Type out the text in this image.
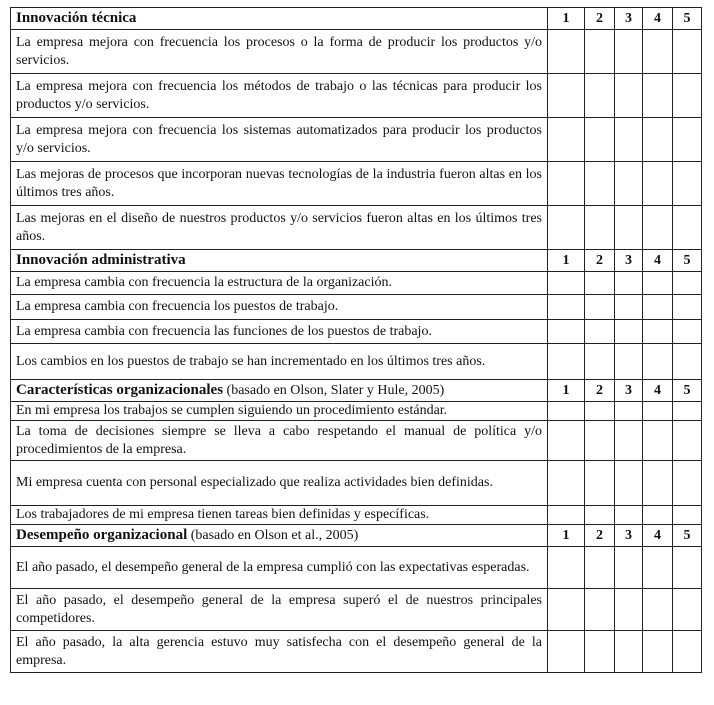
Innovación técnica	1	2	3	4	5
La empresa mejora con frecuencia los procesos o la forma de producir los productos y/o servicios.					
La empresa mejora con frecuencia los métodos de trabajo o las técnicas para producir los productos y/o servicios.					
La empresa mejora con frecuencia los sistemas automatizados para producir los productos y/o servicios.					
Las mejoras de procesos que incorporan nuevas tecnologías de la industria fueron altas en los últimos tres años.					
Las mejoras en el diseño de nuestros productos y/o servicios fueron altas en los últimos tres años.					
Innovación administrativa	1	2	3	4	5
La empresa cambia con frecuencia la estructura de la organización.					
La empresa cambia con frecuencia los puestos de trabajo.					
La empresa cambia con frecuencia las funciones de los puestos de trabajo.					
Los cambios en los puestos de trabajo se han incrementado en los últimos tres años.					
Características organizacionales (basado en Olson, Slater y Hule, 2005)	1	2	3	4	5
En mi empresa los trabajos se cumplen siguiendo un procedimiento estándar.					
La toma de decisiones siempre se lleva a cabo respetando el manual de política y/o procedimientos de la empresa.					
Mi empresa cuenta con personal especializado que realiza actividades bien definidas.					
Los trabajadores de mi empresa tienen tareas bien definidas y específicas.					
Desempeño organizacional (basado en Olson et al., 2005)	1	2	3	4	5
El año pasado, el desempeño general de la empresa cumplió con las expectativas esperadas.					
El año pasado, el desempeño general de la empresa superó el de nuestros principales competidores.					
El año pasado, la alta gerencia estuvo muy satisfecha con el desempeño general de la empresa.					
